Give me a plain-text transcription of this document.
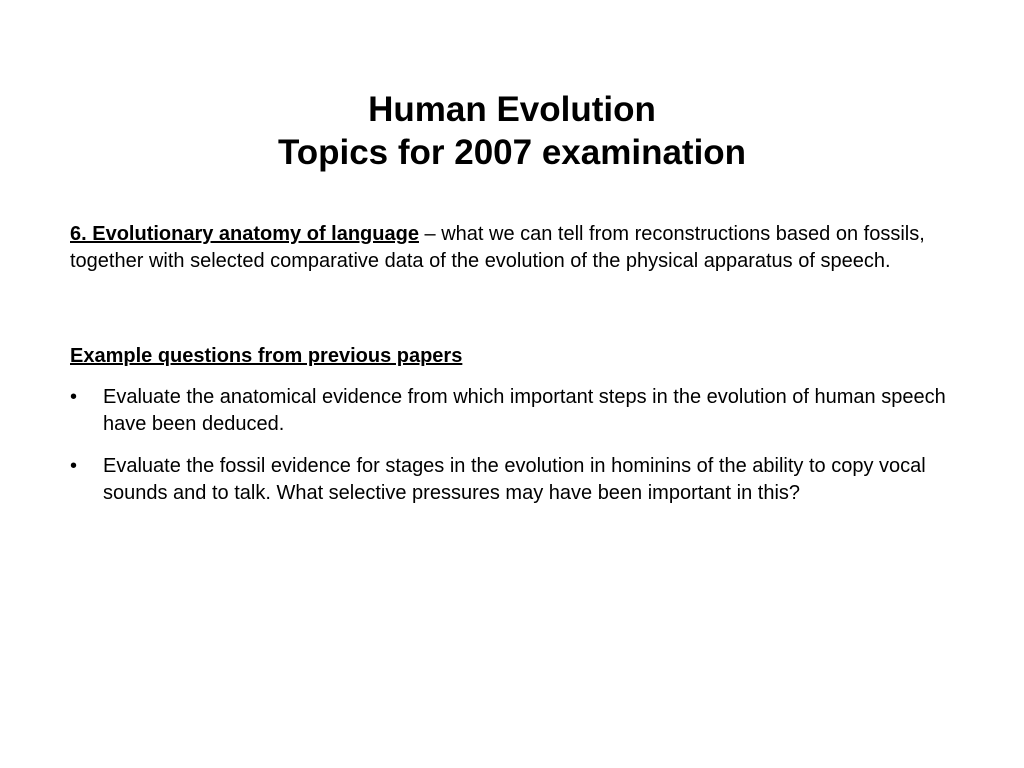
Human Evolution
Topics for 2007 examination
6. Evolutionary anatomy of language – what we can tell from reconstructions based on fossils, together with selected comparative data of the evolution of the physical apparatus of speech.
Example questions from previous papers
•	Evaluate the anatomical evidence from which important steps in the evolution of human speech have been deduced.
•	Evaluate the fossil evidence for stages in the evolution in hominins of the ability to copy vocal sounds and to talk. What selective pressures may have been important in this?
